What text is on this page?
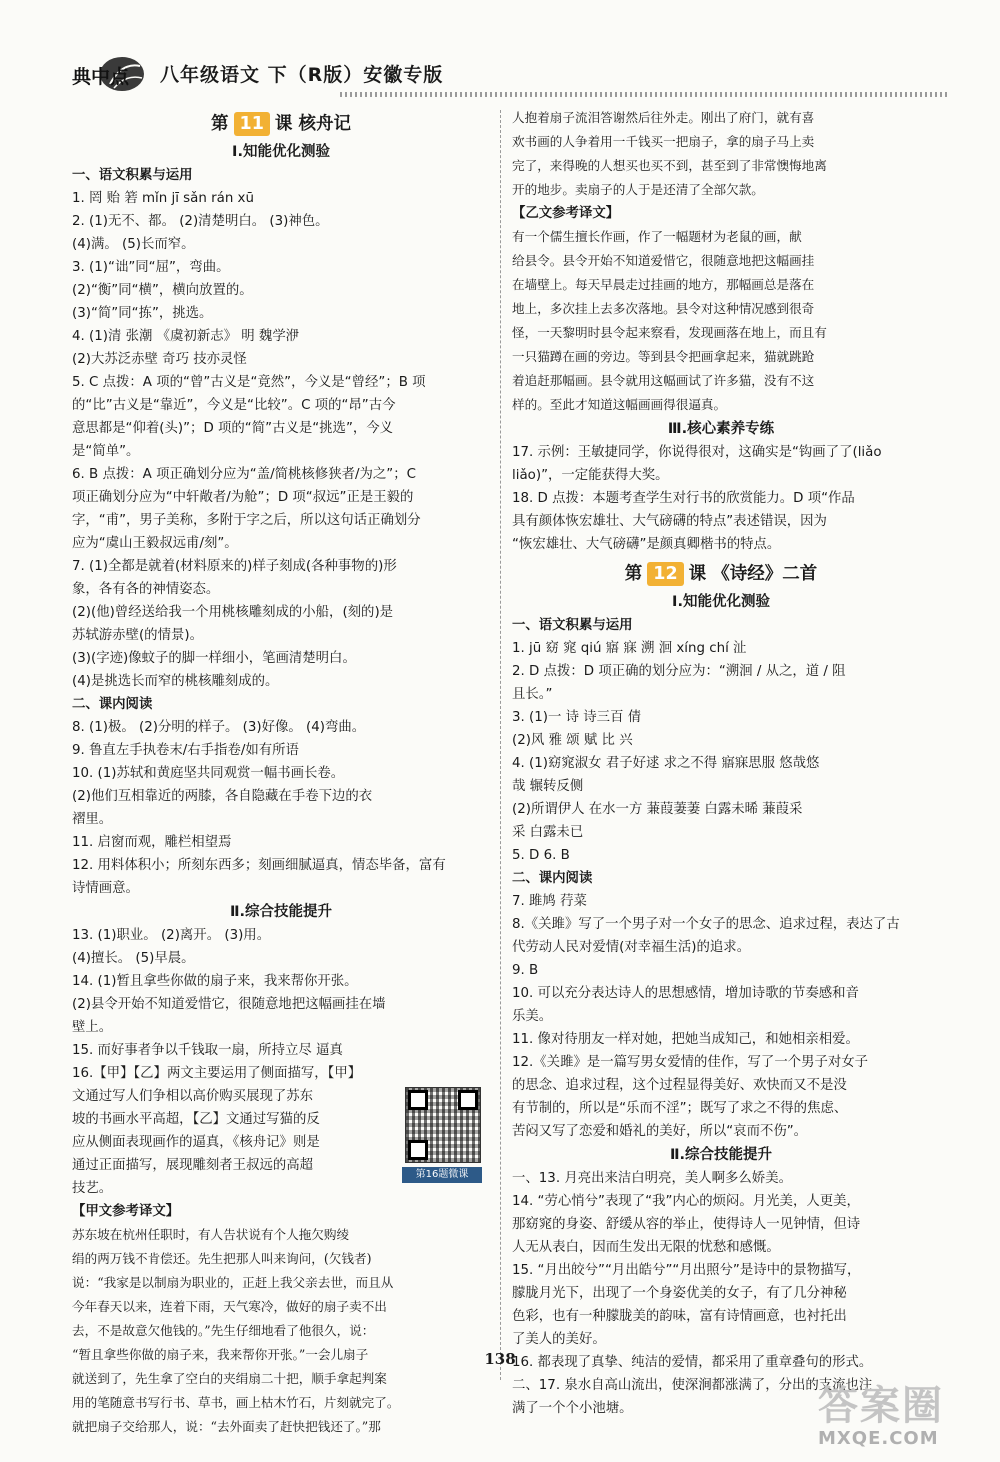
典中点 八年级语文 下（R版）安徽专版
第 11 课 核舟记
Ⅰ.知能优化测验
一、语文积累与运用
1. 罔 贻 箬 mǐn jī sǎn rán xū
2. (1)无不、都。 (2)清楚明白。 (3)神色。
(4)满。 (5)长而窄。
3. (1)“诎”同“屈”，弯曲。
(2)“衡”同“横”，横向放置的。
(3)“简”同“拣”，挑选。
4. (1)清 张潮 《虞初新志》 明 魏学洢
(2)大苏泛赤壁 奇巧 技亦灵怪
5. C 点拨：A 项的“曾”古义是“竟然”，今义是“曾经”；B 项
的“比”古义是“靠近”，今义是“比较”。C 项的“昂”古今
意思都是“仰着(头)”；D 项的“简”古义是“挑选”，今义
是“简单”。
6. B 点拨：A 项正确划分应为“盖/简桃核修狭者/为之”；C
项正确划分应为“中轩敞者/为舱”；D 项“叔远”正是王毅的
字，“甫”，男子美称，多附于字之后，所以这句话正确划分
应为“虞山王毅叔远甫/刻”。
7. (1)全都是就着(材料原来的)样子刻成(各种事物的)形
象，各有各的神情姿态。
(2)(他)曾经送给我一个用桃核雕刻成的小船，(刻的)是
苏轼游赤壁(的情景)。
(3)(字迹)像蚊子的脚一样细小，笔画清楚明白。
(4)是挑选长而窄的桃核雕刻成的。
二、课内阅读
8. (1)极。 (2)分明的样子。 (3)好像。 (4)弯曲。
9. 鲁直左手执卷末/右手指卷/如有所语
10. (1)苏轼和黄庭坚共同观赏一幅书画长卷。
(2)他们互相靠近的两膝，各自隐藏在手卷下边的衣
褶里。
11. 启窗而观，雕栏相望焉
12. 用料体积小；所刻东西多；刻画细腻逼真，情态毕备，富有
诗情画意。
Ⅱ.综合技能提升
13. (1)职业。 (2)离开。 (3)用。
(4)擅长。 (5)早晨。
14. (1)暂且拿些你做的扇子来，我来帮你开张。
(2)县令开始不知道爱惜它，很随意地把这幅画挂在墙
壁上。
15. 而好事者争以千钱取一扇，所持立尽 逼真
16.【甲】【乙】两文主要运用了侧面描写，【甲】
文通过写人们争相以高价购买展现了苏东
坡的书画水平高超，【乙】文通过写猫的反
应从侧面表现画作的逼真，《核舟记》则是
通过正面描写，展现雕刻者王叔远的高超
技艺。
第16题微课
【甲文参考译文】
苏东坡在杭州任职时，有人告状说有个人拖欠购绫
绢的两万钱不肯偿还。先生把那人叫来询问，(欠钱者)
说：“我家是以制扇为职业的，正赶上我父亲去世，而且从
今年春天以来，连着下雨，天气寒冷，做好的扇子卖不出
去，不是故意欠他钱的。”先生仔细地看了他很久，说：
“暂且拿些你做的扇子来，我来帮你开张。”一会儿扇子
就送到了，先生拿了空白的夹绢扇二十把，顺手拿起判案
用的笔随意书写行书、草书，画上枯木竹石，片刻就完了。
就把扇子交给那人，说：“去外面卖了赶快把钱还了。”那
人抱着扇子流泪答谢然后往外走。刚出了府门，就有喜
欢书画的人争着用一千钱买一把扇子，拿的扇子马上卖
完了，来得晚的人想买也买不到，甚至到了非常懊悔地离
开的地步。卖扇子的人于是还清了全部欠款。
【乙文参考译文】
有一个儒生擅长作画，作了一幅题材为老鼠的画，献
给县令。县令开始不知道爱惜它，很随意地把这幅画挂
在墙壁上。每天早晨走过挂画的地方，那幅画总是落在
地上，多次挂上去多次落地。县令对这种情况感到很奇
怪，一天黎明时县令起来察看，发现画落在地上，而且有
一只猫蹲在画的旁边。等到县令把画拿起来，猫就跳跄
着追赶那幅画。县令就用这幅画试了许多猫，没有不这
样的。至此才知道这幅画画得很逼真。
Ⅲ.核心素养专练
17. 示例：王敏捷同学，你说得很对，这确实是“钩画了了(liǎo
liǎo)”，一定能获得大奖。
18. D 点拨：本题考查学生对行书的欣赏能力。D 项“作品
具有颜体恢宏雄壮、大气磅礴的特点”表述错误，因为
“恢宏雄壮、大气磅礴”是颜真卿楷书的特点。
第 12 课 《诗经》二首
Ⅰ.知能优化测验
一、语文积累与运用
1. jū 窈 窕 qiú 寤 寐 溯 洄 xíng chí 沚
2. D 点拨：D 项正确的划分应为：“溯洄 / 从之，道 / 阻
且长。”
3. (1)一 诗 诗三百 倩
(2)风 雅 颂 赋 比 兴
4. (1)窈窕淑女 君子好逑 求之不得 寤寐思服 悠哉悠
哉 辗转反侧
(2)所谓伊人 在水一方 蒹葭萋萋 白露未晞 蒹葭采
采 白露未已
5. D 6. B
二、课内阅读
7. 雎鸠 荇菜
8.《关雎》写了一个男子对一个女子的思念、追求过程，表达了古
代劳动人民对爱情(对幸福生活)的追求。
9. B
10. 可以充分表达诗人的思想感情，增加诗歌的节奏感和音
乐美。
11. 像对待朋友一样对她，把她当成知己，和她相亲相爱。
12.《关雎》是一篇写男女爱情的佳作，写了一个男子对女子
的思念、追求过程，这个过程显得美好、欢快而又不是没
有节制的，所以是“乐而不淫”；既写了求之不得的焦虑、
苦闷又写了恋爱和婚礼的美好，所以“哀而不伤”。
Ⅱ.综合技能提升
一、13. 月亮出来洁白明亮，美人啊多么娇美。
14. “劳心悄兮”表现了“我”内心的烦闷。月光美，人更美，
那窈窕的身姿、舒缓从容的举止，使得诗人一见钟情，但诗
人无从表白，因而生发出无限的忧愁和感慨。
15. “月出皎兮”“月出皓兮”“月出照兮”是诗中的景物描写，
朦胧月光下，出现了一个身姿优美的女子，有了几分神秘
色彩，也有一种朦胧美的韵味，富有诗情画意，也衬托出
了美人的美好。
16. 都表现了真挚、纯洁的爱情，都采用了重章叠句的形式。
二、17. 泉水自高山流出，使深涧都涨满了，分出的支流也注
满了一个个小池塘。
138
答案圈
MXQE.COM
